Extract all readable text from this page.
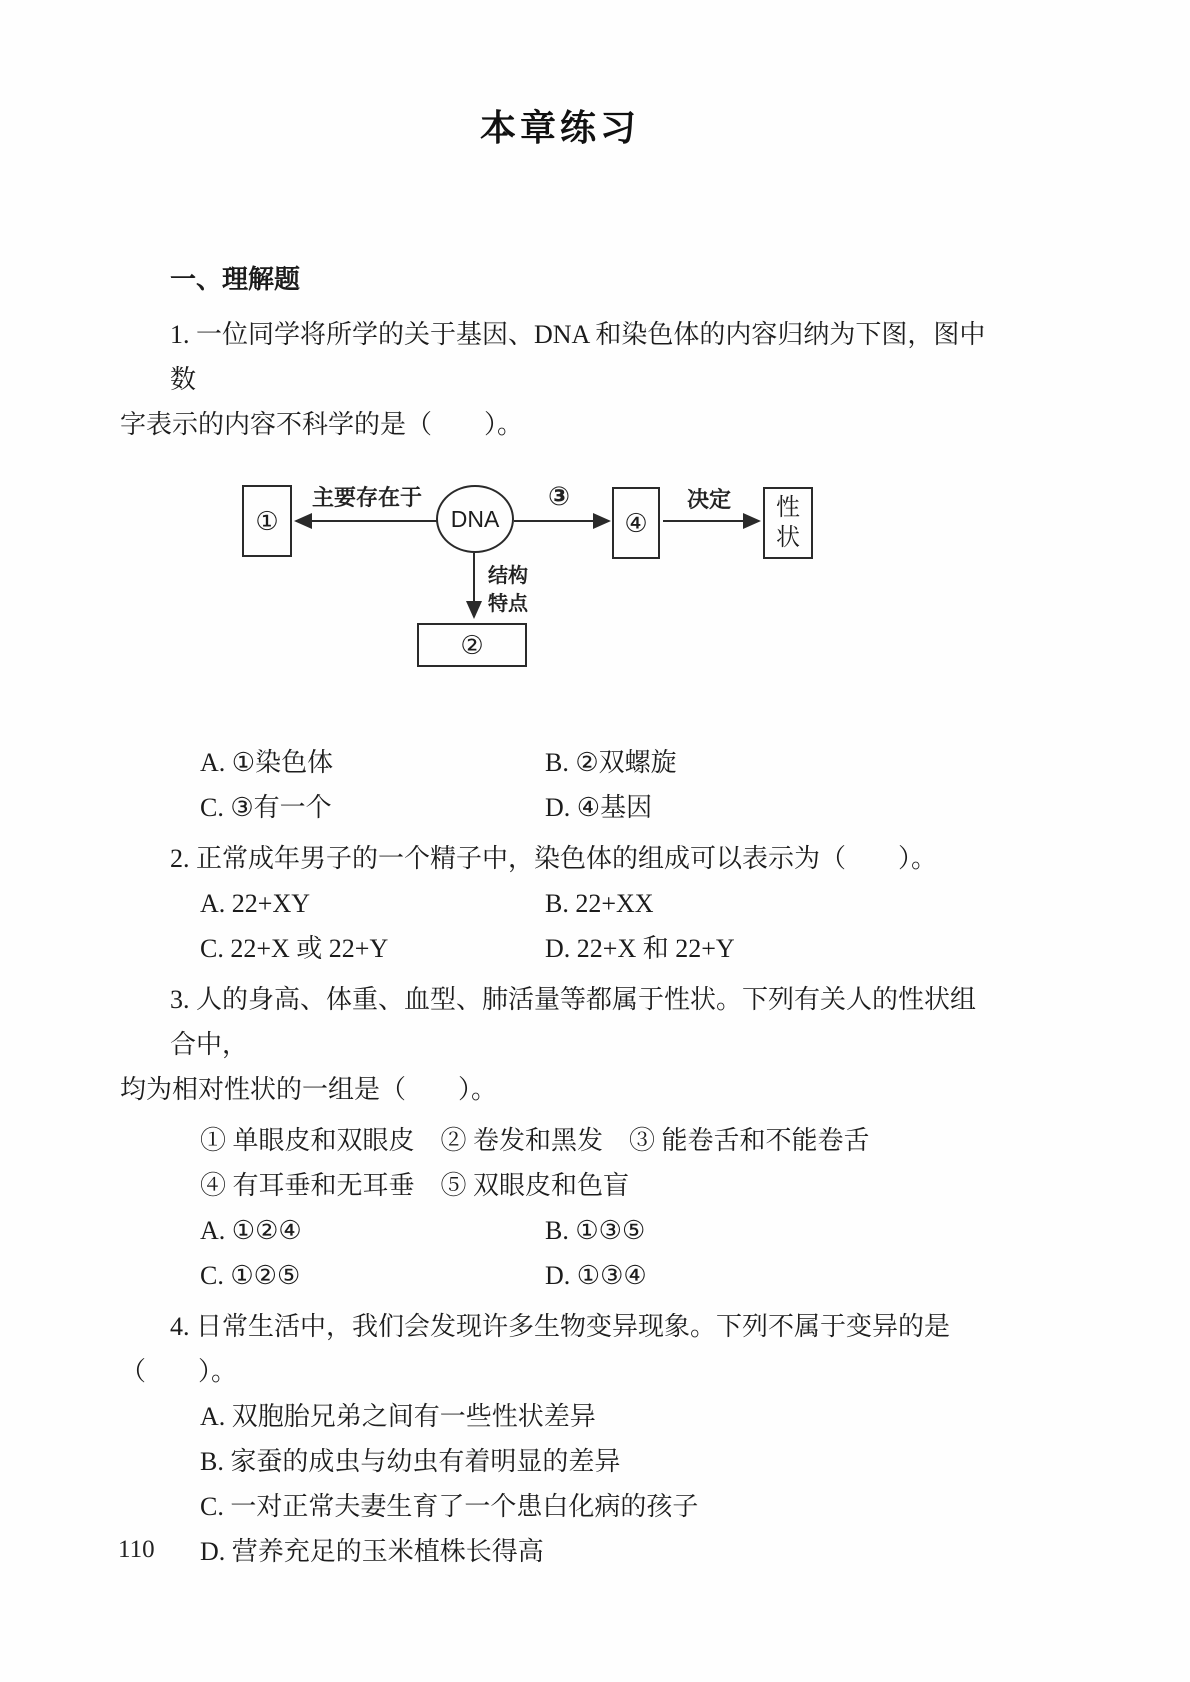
本章练习
一、理解题

1. 一位同学将所学的关于基因、DNA 和染色体的内容归纳为下图，图中数

字表示的内容不科学的是（　　）。

①
主要存在于
DNA
③
④
决定 性
状
结构
特点
②

A. ①染色体	B. ②双螺旋

C. ③有一个	D. ④基因

2. 正常成年男子的一个精子中，染色体的组成可以表示为（　　）。

A. 22+XY	B. 22+XX

C. 22+X 或 22+Y	D. 22+X 和 22+Y

3. 人的身高、体重、血型、肺活量等都属于性状。下列有关人的性状组合中，

均为相对性状的一组是（　　）。

① 单眼皮和双眼皮　② 卷发和黑发　③ 能卷舌和不能卷舌

④ 有耳垂和无耳垂　⑤ 双眼皮和色盲

A. ①②④	B. ①③⑤

C. ①②⑤	D. ①③④

4. 日常生活中，我们会发现许多生物变异现象。下列不属于变异的是

（　　）。

A. 双胞胎兄弟之间有一些性状差异

B. 家蚕的成虫与幼虫有着明显的差异

C. 一对正常夫妻生育了一个患白化病的孩子

D. 营养充足的玉米植株长得高

110
